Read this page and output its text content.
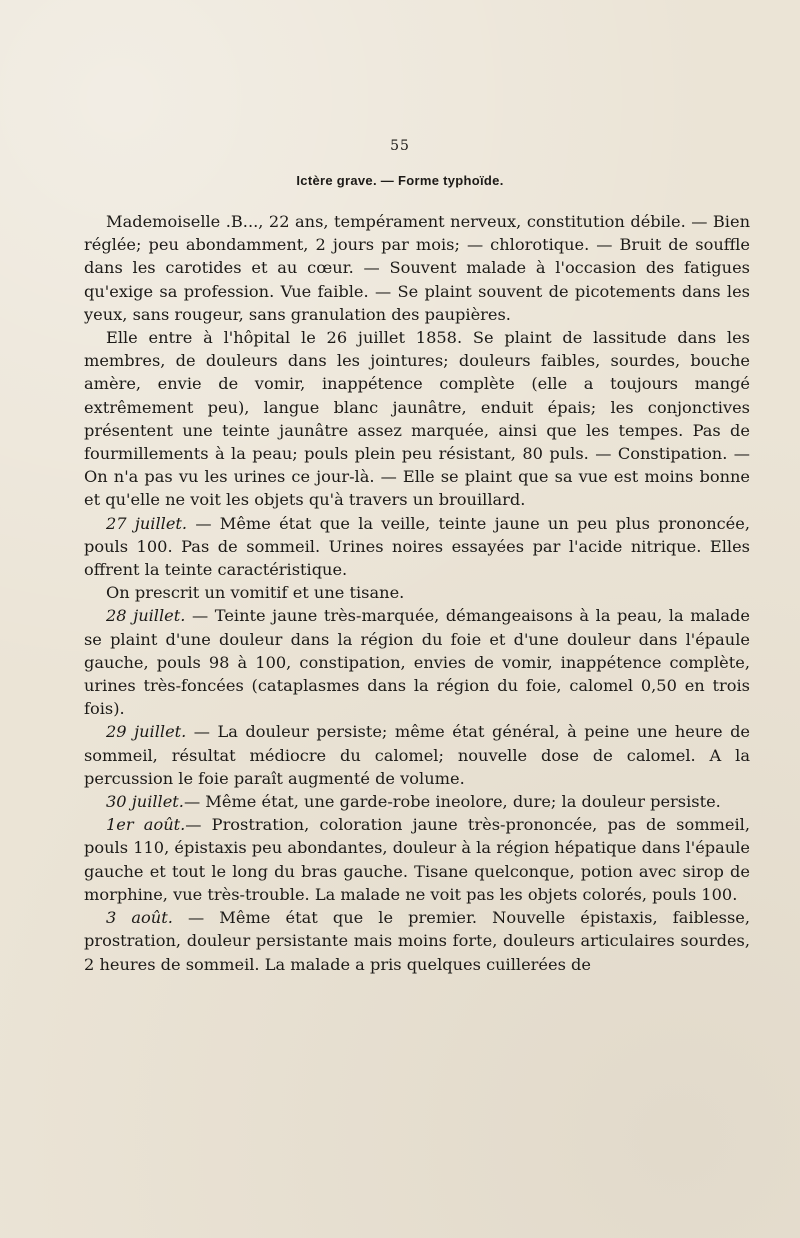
55
Ictère grave. — Forme typhoïde.

Mademoiselle .B..., 22 ans, tempérament nerveux, constitution débile. — Bien réglée; peu abondamment, 2 jours par mois; — chlorotique. — Bruit de souffle dans les carotides et au cœur. — Souvent malade à l'occasion des fatigues qu'exige sa profession. Vue faible. — Se plaint souvent de picotements dans les yeux, sans rougeur, sans granulation des paupières.

Elle entre à l'hôpital le 26 juillet 1858. Se plaint de lassitude dans les membres, de douleurs dans les jointures; douleurs faibles, sourdes, bouche amère, envie de vomir, inappétence complète (elle a toujours mangé extrêmement peu), langue blanc jaunâtre, enduit épais; les conjonctives présentent une teinte jaunâtre assez marquée, ainsi que les tempes. Pas de fourmillements à la peau; pouls plein peu résistant, 80 puls. — Constipation. — On n'a pas vu les urines ce jour-là. — Elle se plaint que sa vue est moins bonne et qu'elle ne voit les objets qu'à travers un brouillard.

27 juillet. — Même état que la veille, teinte jaune un peu plus prononcée, pouls 100. Pas de sommeil. Urines noires essayées par l'acide nitrique. Elles offrent la teinte caractéristique.

On prescrit un vomitif et une tisane.

28 juillet. — Teinte jaune très-marquée, démangeaisons à la peau, la malade se plaint d'une douleur dans la région du foie et d'une douleur dans l'épaule gauche, pouls 98 à 100, constipation, envies de vomir, inappétence complète, urines très-foncées (cataplasmes dans la région du foie, calomel 0,50 en trois fois).

29 juillet. — La douleur persiste; même état général, à peine une heure de sommeil, résultat médiocre du calomel; nouvelle dose de calomel. A la percussion le foie paraît augmenté de volume.

30 juillet.— Même état, une garde-robe ineolore, dure; la douleur persiste.

1er août.— Prostration, coloration jaune très-prononcée, pas de sommeil, pouls 110, épistaxis peu abondantes, douleur à la région hépatique dans l'épaule gauche et tout le long du bras gauche. Tisane quelconque, potion avec sirop de morphine, vue très-trouble. La malade ne voit pas les objets colorés, pouls 100.

3 août. — Même état que le premier. Nouvelle épistaxis, faiblesse, prostration, douleur persistante mais moins forte, douleurs articulaires sourdes, 2 heures de sommeil. La malade a pris quelques cuillerées de
